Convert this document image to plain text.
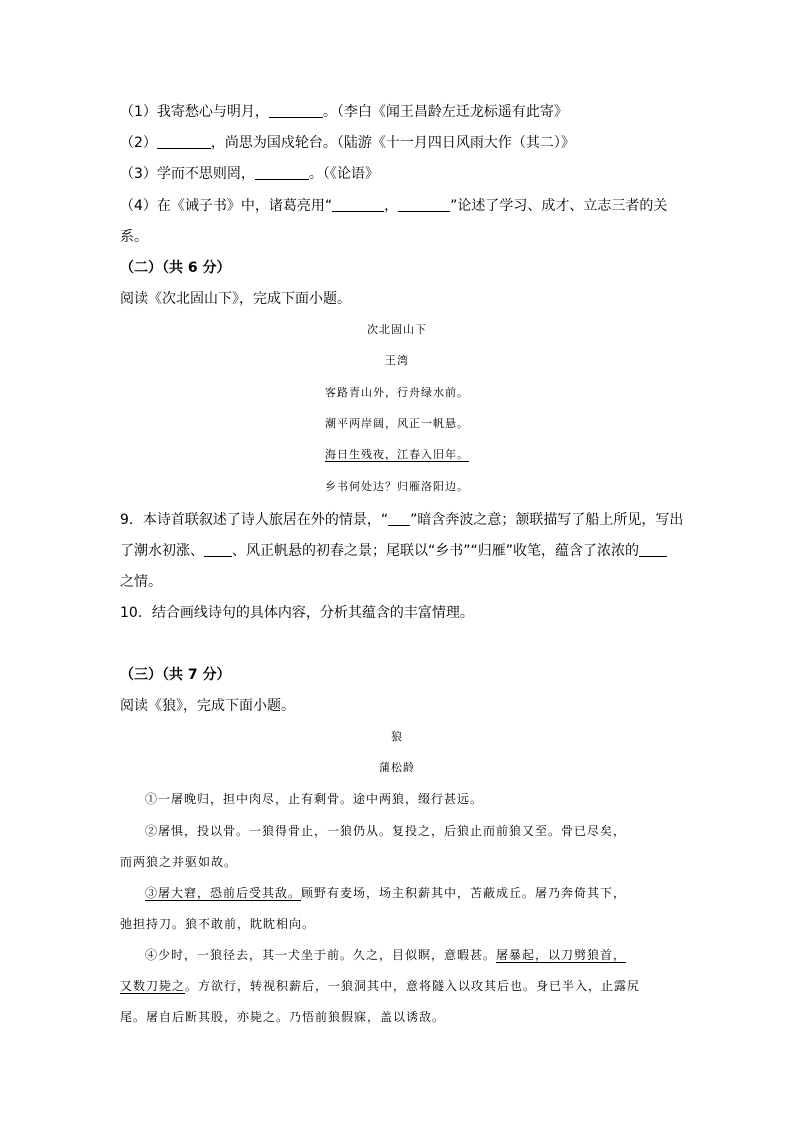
（1）我寄愁心与明月，	。（李白《闻王昌龄左迁龙标遥有此寄》
（2）	，尚思为国戍轮台。（陆游《十一月四日风雨大作（其二）》
（3）学而不思则罔，	。（《论语》
（4）在《诫子书》中，诸葛亮用“	，	”论述了学习、成才、立志三者的关
系。
（二）（共 6 分）
阅读《次北固山下》，完成下面小题。
次北固山下
王湾
客路青山外，行舟绿水前。
潮平两岸阔，风正一帆悬。
海日生残夜，江春入旧年。
乡书何处达？归雁洛阳边。
9．本诗首联叙述了诗人旅居在外的情景，“ ”暗含奔波之意；颔联描写了船上所见，写出
了潮水初涨、 、风正帆悬的初春之景；尾联以“乡书”“归雁”收笔，蕴含了浓浓的
之情。
10．结合画线诗句的具体内容，分析其蕴含的丰富情理。
（三）（共 7 分）
阅读《狼》，完成下面小题。
狼
蒲松龄
①一屠晚归，担中肉尽，止有剩骨。途中两狼，缀行甚远。
②屠惧，投以骨。一狼得骨止，一狼仍从。复投之，后狼止而前狼又至。骨已尽矣，
而两狼之并驱如故。
③屠大窘，恐前后受其敌。顾野有麦场，场主积薪其中，苫蔽成丘。屠乃奔倚其下，
弛担持刀。狼不敢前，眈眈相向。
④少时，一狼径去，其一犬坐于前。久之，目似瞑，意暇甚。屠暴起，以刀劈狼首，
又数刀毙之。方欲行，转视积薪后，一狼洞其中，意将隧入以攻其后也。身已半入，止露尻
尾。屠自后断其股，亦毙之。乃悟前狼假寐，盖以诱敌。
